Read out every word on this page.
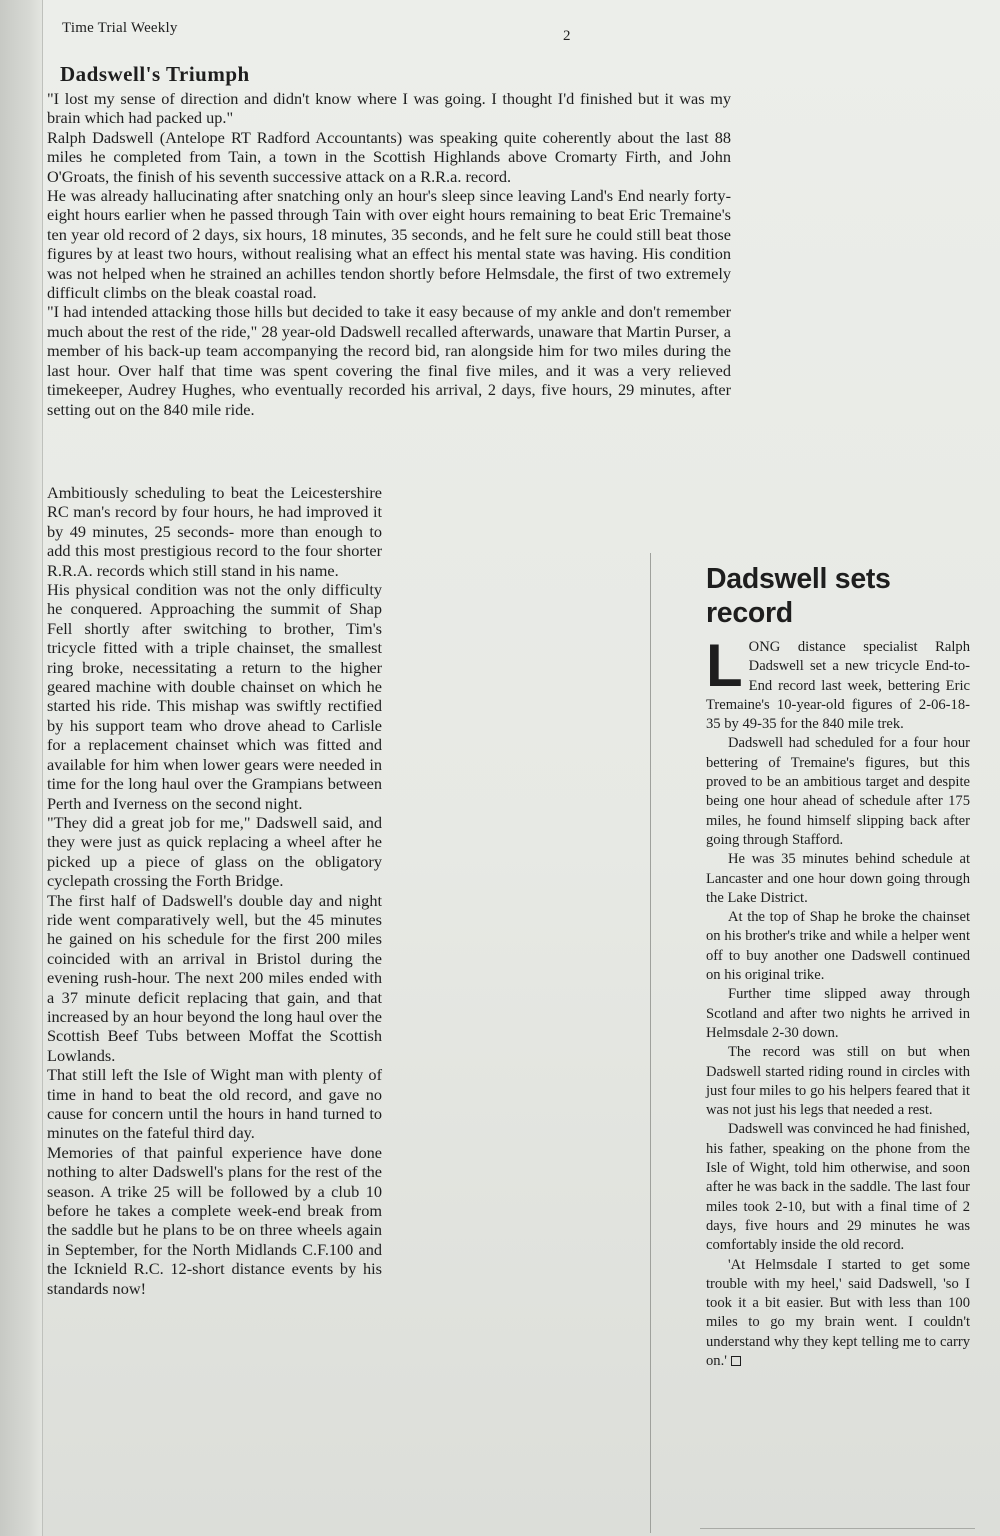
Time Trial Weekly	2
Dadswell's Triumph

"I lost my sense of direction and didn't know where I was going. I thought I'd finished but it was my brain which had packed up."

Ralph Dadswell (Antelope RT Radford Accountants) was speaking quite coherently about the last 88 miles he completed from Tain, a town in the Scottish Highlands above Cromarty Firth, and John O'Groats, the finish of his seventh successive attack on a R.R.a. record.

He was already hallucinating after snatching only an hour's sleep since leaving Land's End nearly forty-eight hours earlier when he passed through Tain with over eight hours remaining to beat Eric Tremaine's ten year old record of 2 days, six hours, 18 minutes, 35 seconds, and he felt sure he could still beat those figures by at least two hours, without realising what an effect his mental state was having. His condition was not helped when he strained an achilles tendon shortly before Helmsdale, the first of two extremely difficult climbs on the bleak coastal road.

"I had intended attacking those hills but decided to take it easy because of my ankle and don't remember much about the rest of the ride," 28 year-old Dadswell recalled afterwards, unaware that Martin Purser, a member of his back-up team accompanying the record bid, ran alongside him for two miles during the last hour. Over half that time was spent covering the final five miles, and it was a very relieved timekeeper, Audrey Hughes, who eventually recorded his arrival, 2 days, five hours, 29 minutes, after setting out on the 840 mile ride.

Ambitiously scheduling to beat the Leicestershire RC man's record by four hours, he had improved it by 49 minutes, 25 seconds- more than enough to add this most prestigious record to the four shorter R.R.A. records which still stand in his name.

His physical condition was not the only difficulty he conquered. Approaching the summit of Shap Fell shortly after switching to brother, Tim's tricycle fitted with a triple chainset, the smallest ring broke, necessitating a return to the higher geared machine with double chainset on which he started his ride. This mishap was swiftly rectified by his support team who drove ahead to Carlisle for a replacement chainset which was fitted and available for him when lower gears were needed in time for the long haul over the Grampians between Perth and Iverness on the second night.

"They did a great job for me," Dadswell said, and they were just as quick replacing a wheel after he picked up a piece of glass on the obligatory cyclepath crossing the Forth Bridge.

The first half of Dadswell's double day and night ride went comparatively well, but the 45 minutes he gained on his schedule for the first 200 miles coincided with an arrival in Bristol during the evening rush-hour. The next 200 miles ended with a 37 minute deficit replacing that gain, and that increased by an hour beyond the long haul over the Scottish Beef Tubs between Moffat the Scottish Lowlands.

That still left the Isle of Wight man with plenty of time in hand to beat the old record, and gave no cause for concern until the hours in hand turned to minutes on the fateful third day.

Memories of that painful experience have done nothing to alter Dadswell's plans for the rest of the season. A trike 25 will be followed by a club 10 before he takes a complete week-end break from the saddle but he plans to be on three wheels again in September, for the North Midlands C.F.100 and the Icknield R.C. 12-short distance events by his standards now!

Dadswell sets record

LONG distance specialist Ralph Dadswell set a new tricycle End-to-End record last week, bettering Eric Tremaine's 10-year-old figures of 2-06-18-35 by 49-35 for the 840 mile trek.

Dadswell had scheduled for a four hour bettering of Tremaine's figures, but this proved to be an ambitious target and despite being one hour ahead of schedule after 175 miles, he found himself slipping back after going through Stafford.

He was 35 minutes behind schedule at Lancaster and one hour down going through the Lake District.

At the top of Shap he broke the chainset on his brother's trike and while a helper went off to buy another one Dadswell continued on his original trike.

Further time slipped away through Scotland and after two nights he arrived in Helmsdale 2-30 down.

The record was still on but when Dadswell started riding round in circles with just four miles to go his helpers feared that it was not just his legs that needed a rest.

Dadswell was convinced he had finished, his father, speaking on the phone from the Isle of Wight, told him otherwise, and soon after he was back in the saddle. The last four miles took 2-10, but with a final time of 2 days, five hours and 29 minutes he was comfortably inside the old record.

'At Helmsdale I started to get some trouble with my heel,' said Dadswell, 'so I took it a bit easier. But with less than 100 miles to go my brain went. I couldn't understand why they kept telling me to carry on.'
